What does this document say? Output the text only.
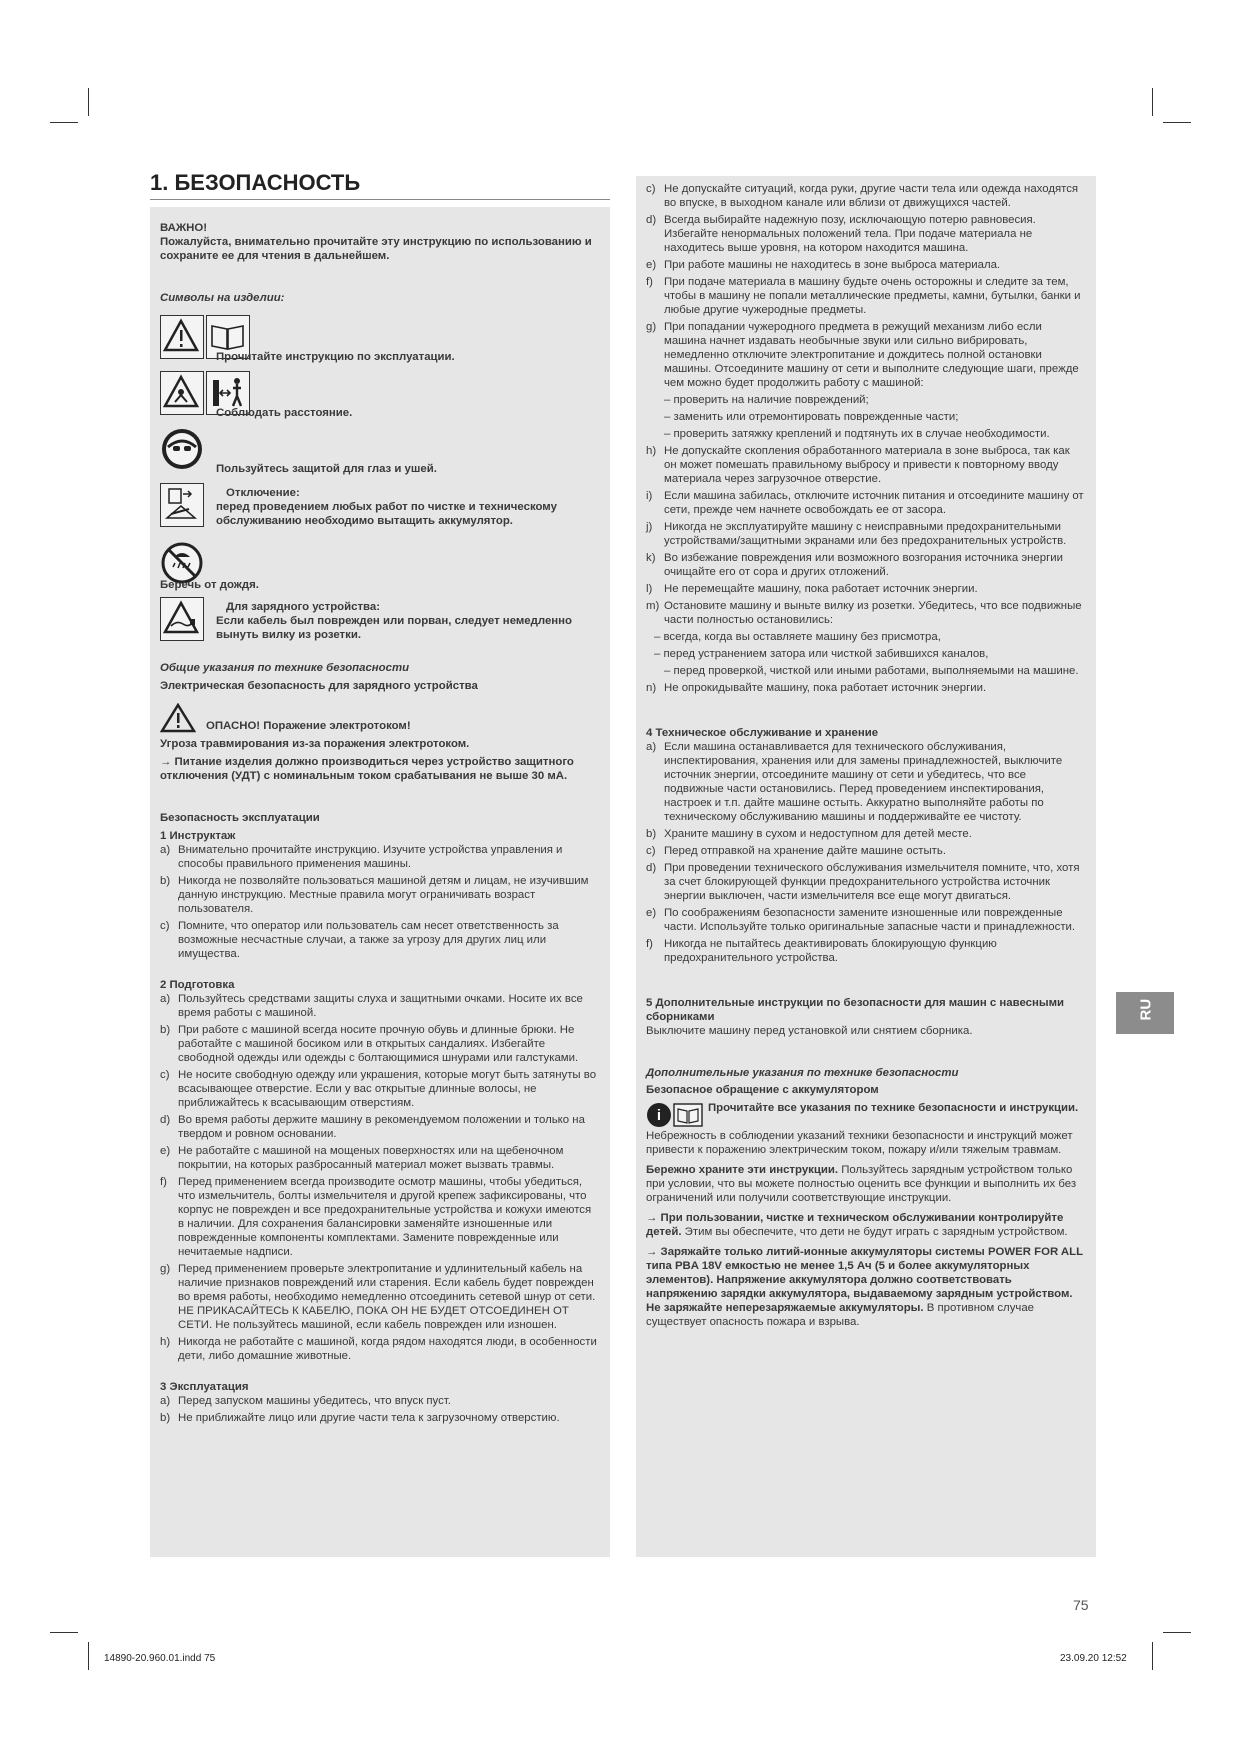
1. БЕЗОПАСНОСТЬ

ВАЖНО!

Пожалуйста, внимательно прочитайте эту инструкцию по использованию и сохраните ее для чтения в дальнейшем.

Символы на изделии:

Прочитайте инструкцию по эксплуатации.
Соблюдать расстояние.
Пользуйтесь защитой для глаз и ушей.
Отключение:
перед проведением любых работ по чистке и техническому обслуживанию необходимо вытащить аккумулятор.
Беречь от дождя.
Для зарядного устройства:
Если кабель был поврежден или порван, следует немедленно вынуть вилку из розетки.

Общие указания по технике безопасности

Электрическая безопасность для зарядного устройства

ОПАСНО! Поражение электротоком!

Угроза травмирования из-за поражения электротоком.

→ Питание изделия должно производиться через устройство защитного отключения (УДТ) с номинальным током срабатывания не выше 30 мА.

Безопасность эксплуатации

1 Инструктаж

a) Внимательно прочитайте инструкцию. Изучите устройства управления и способы правильного применения машины.
b) Никогда не позволяйте пользоваться машиной детям и лицам, не изучившим данную инструкцию. Местные правила могут ограничивать возраст пользователя.
c) Помните, что оператор или пользователь сам несет ответственность за возможные несчастные случаи, а также за угрозу для других лиц или имущества.

2 Подготовка

a) Пользуйтесь средствами защиты слуха и защитными очками. Носите их все время работы с машиной.
b) При работе с машиной всегда носите прочную обувь и длинные брюки. Не работайте с машиной босиком или в открытых сандалиях. Избегайте свободной одежды или одежды с болтающимися шнурами или галстуками.
c) Не носите свободную одежду или украшения, которые могут быть затянуты во всасывающее отверстие. Если у вас открытые длинные волосы, не приближайтесь к всасывающим отверстиям.
d) Во время работы держите машину в рекомендуемом положении и только на твердом и ровном основании.
e) Не работайте с машиной на мощеных поверхностях или на щебеночном покрытии, на которых разбросанный материал может вызвать травмы.
f) Перед применением всегда производите осмотр машины, чтобы убедиться, что измельчитель, болты измельчителя и другой крепеж зафиксированы, что корпус не поврежден и все предохранительные устройства и кожухи имеются в наличии. Для сохранения балансировки заменяйте изношенные или поврежденные компоненты комплектами. Замените поврежденные или нечитаемые надписи.
g) Перед применением проверьте электропитание и удлинительный кабель на наличие признаков повреждений или старения. Если кабель будет поврежден во время работы, необходимо немедленно отсоединить сетевой шнур от сети. НЕ ПРИКАСАЙТЕСЬ К КАБЕЛЮ, ПОКА ОН НЕ БУДЕТ ОТСОЕДИНЕН ОТ СЕТИ. Не пользуйтесь машиной, если кабель поврежден или изношен.
h) Никогда не работайте с машиной, когда рядом находятся люди, в особенности дети, либо домашние животные.

3 Эксплуатация

a) Перед запуском машины убедитесь, что впуск пуст.
b) Не приближайте лицо или другие части тела к загрузочному отверстию.
c) Не допускайте ситуаций, когда руки, другие части тела или одежда находятся во впуске, в выходном канале или вблизи от движущихся частей.
d) Всегда выбирайте надежную позу, исключающую потерю равновесия. Избегайте ненормальных положений тела. При подаче материала не находитесь выше уровня, на котором находится машина.
e) При работе машины не находитесь в зоне выброса материала.
f) При подаче материала в машину будьте очень осторожны и следите за тем, чтобы в машину не попали металлические предметы, камни, бутылки, банки и любые другие чужеродные предметы.
g) При попадании чужеродного предмета в режущий механизм либо если машина начнет издавать необычные звуки или сильно вибрировать, немедленно отключите электропитание и дождитесь полной остановки машины. Отсоедините машину от сети и выполните следующие шаги, прежде чем можно будет продолжить работу с машиной:
– проверить на наличие повреждений;
– заменить или отремонтировать поврежденные части;
– проверить затяжку креплений и подтянуть их в случае необходимости.
h) Не допускайте скопления обработанного материала в зоне выброса, так как он может помешать правильному выбросу и привести к повторному вводу материала через загрузочное отверстие.
i)	Если машина забилась, отключите источник питания и отсоедините машину от сети, прежде чем начнете освобождать ее от засора.
j)	Никогда не эксплуатируйте машину с неисправными предохранительными устройствами/защитными экранами или без предохранительных устройств.
k) Во избежание повреждения или возможного возгорания источника энергии очищайте его от сора и других отложений.
l)	Не перемещайте машину, пока работает источник энергии.
m) Остановите машину и выньте вилку из розетки. Убедитесь, что все подвижные части полностью остановились:
– всегда, когда вы оставляете машину без присмотра,
– перед устранением затора или чисткой забившихся каналов,
– перед проверкой, чисткой или иными работами, выполняемыми на машине.
n) Не опрокидывайте машину, пока работает источник энергии.

4 Техническое обслуживание и хранение

a) Если машина останавливается для технического обслуживания, инспектирования, хранения или для замены принадлежностей, выключите источник энергии, отсоедините машину от сети и убедитесь, что все подвижные части остановились. Перед проведением инспектирования, настроек и т.п. дайте машине остыть. Аккуратно выполняйте работы по техническому обслуживанию машины и поддерживайте ее чистоту.
b) Храните машину в сухом и недоступном для детей месте.
c) Перед отправкой на хранение дайте машине остыть.
d) При проведении технического обслуживания измельчителя помните, что, хотя за счет блокирующей функции предохранительного устройства источник энергии выключен, части измельчителя все еще могут двигаться.
e) По соображениям безопасности замените изношенные или поврежденные части. Используйте только оригинальные запасные части и принадлежности.
f) Никогда не пытайтесь деактивировать блокирующую функцию предохранительного устройства.

5 Дополнительные инструкции по безопасности для машин с навесными сборниками

Выключите машину перед установкой или снятием сборника.

Дополнительные указания по технике безопасности

Безопасное обращение с аккумулятором

i	Прочитайте все указания по технике безопасности и инструкции.

Небрежность в соблюдении указаний техники безопасности и инструкций может привести к поражению электрическим током, пожару и/или тяжелым травмам.

Бережно храните эти инструкции. Пользуйтесь зарядным устройством только при условии, что вы можете полностью оценить все функции и выполнить их без ограничений или получили соответствующие инструкции.

→ При пользовании, чистке и техническом обслуживании контролируйте детей. Этим вы обеспечите, что дети не будут играть с зарядным устройством.

→ Заряжайте только литий-ионные аккумуляторы системы POWER FOR ALL типа PBA 18V емкостью не менее 1,5 Ач (5 и более аккумуляторных элементов). Напряжение аккумулятора должно соответствовать напряжению зарядки аккумулятора, выдаваемому зарядным устройством. Не заряжайте неперезаряжаемые аккумуляторы. В противном случае существует опасность пожара и взрыва.

RU
75
14890-20.960.01.indd 75	23.09.20 12:52
